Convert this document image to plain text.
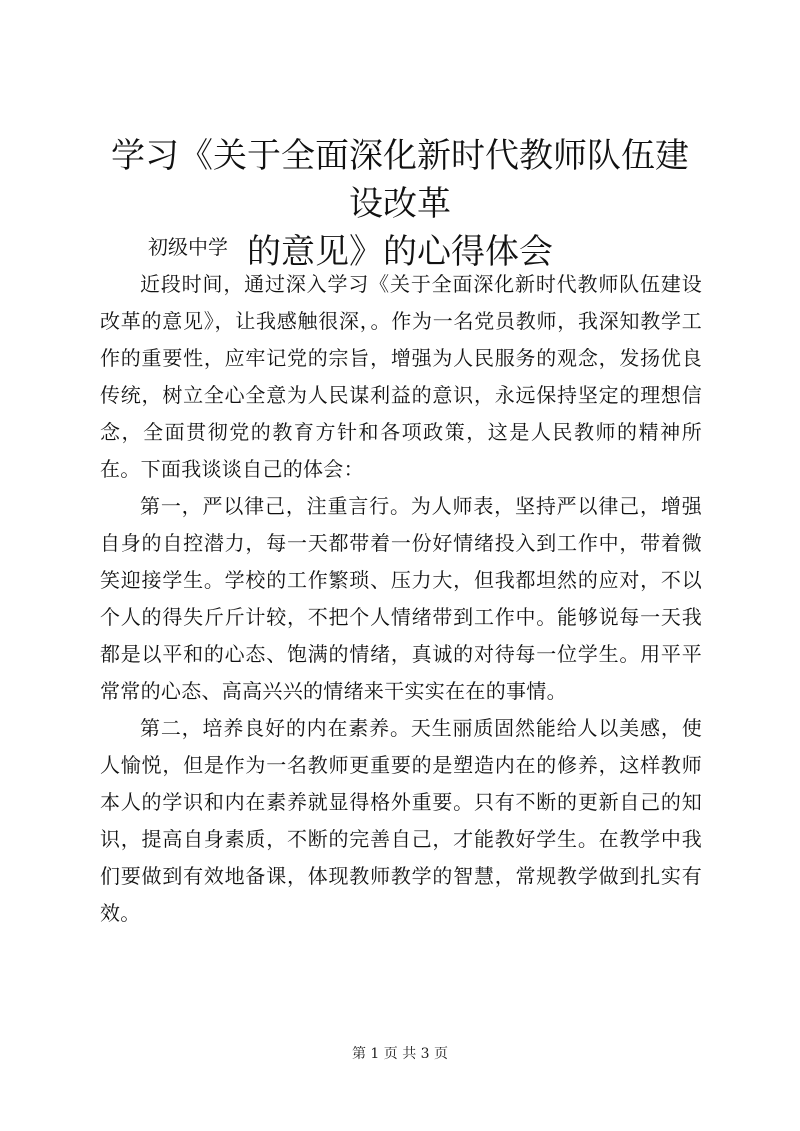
学习《关于全面深化新时代教师队伍建设改革
的意见》的心得体会

初级中学

近段时间，通过深入学习《关于全面深化新时代教师队伍建设改革的意见》，让我感触很深，。作为一名党员教师，我深知教学工作的重要性，应牢记党的宗旨，增强为人民服务的观念，发扬优良传统，树立全心全意为人民谋利益的意识，永远保持坚定的理想信念，全面贯彻党的教育方针和各项政策，这是人民教师的精神所在。下面我谈谈自己的体会：

第一，严以律己，注重言行。为人师表，坚持严以律己，增强自身的自控潜力，每一天都带着一份好情绪投入到工作中，带着微笑迎接学生。学校的工作繁琐、压力大，但我都坦然的应对，不以个人的得失斤斤计较，不把个人情绪带到工作中。能够说每一天我都是以平和的心态、饱满的情绪，真诚的对待每一位学生。用平平常常的心态、高高兴兴的情绪来干实实在在的事情。

第二，培养良好的内在素养。天生丽质固然能给人以美感，使人愉悦，但是作为一名教师更重要的是塑造内在的修养，这样教师本人的学识和内在素养就显得格外重要。只有不断的更新自己的知识，提高自身素质，不断的完善自己，才能教好学生。在教学中我们要做到有效地备课，体现教师教学的智慧，常规教学做到扎实有效。

第 1 页 共 3 页
